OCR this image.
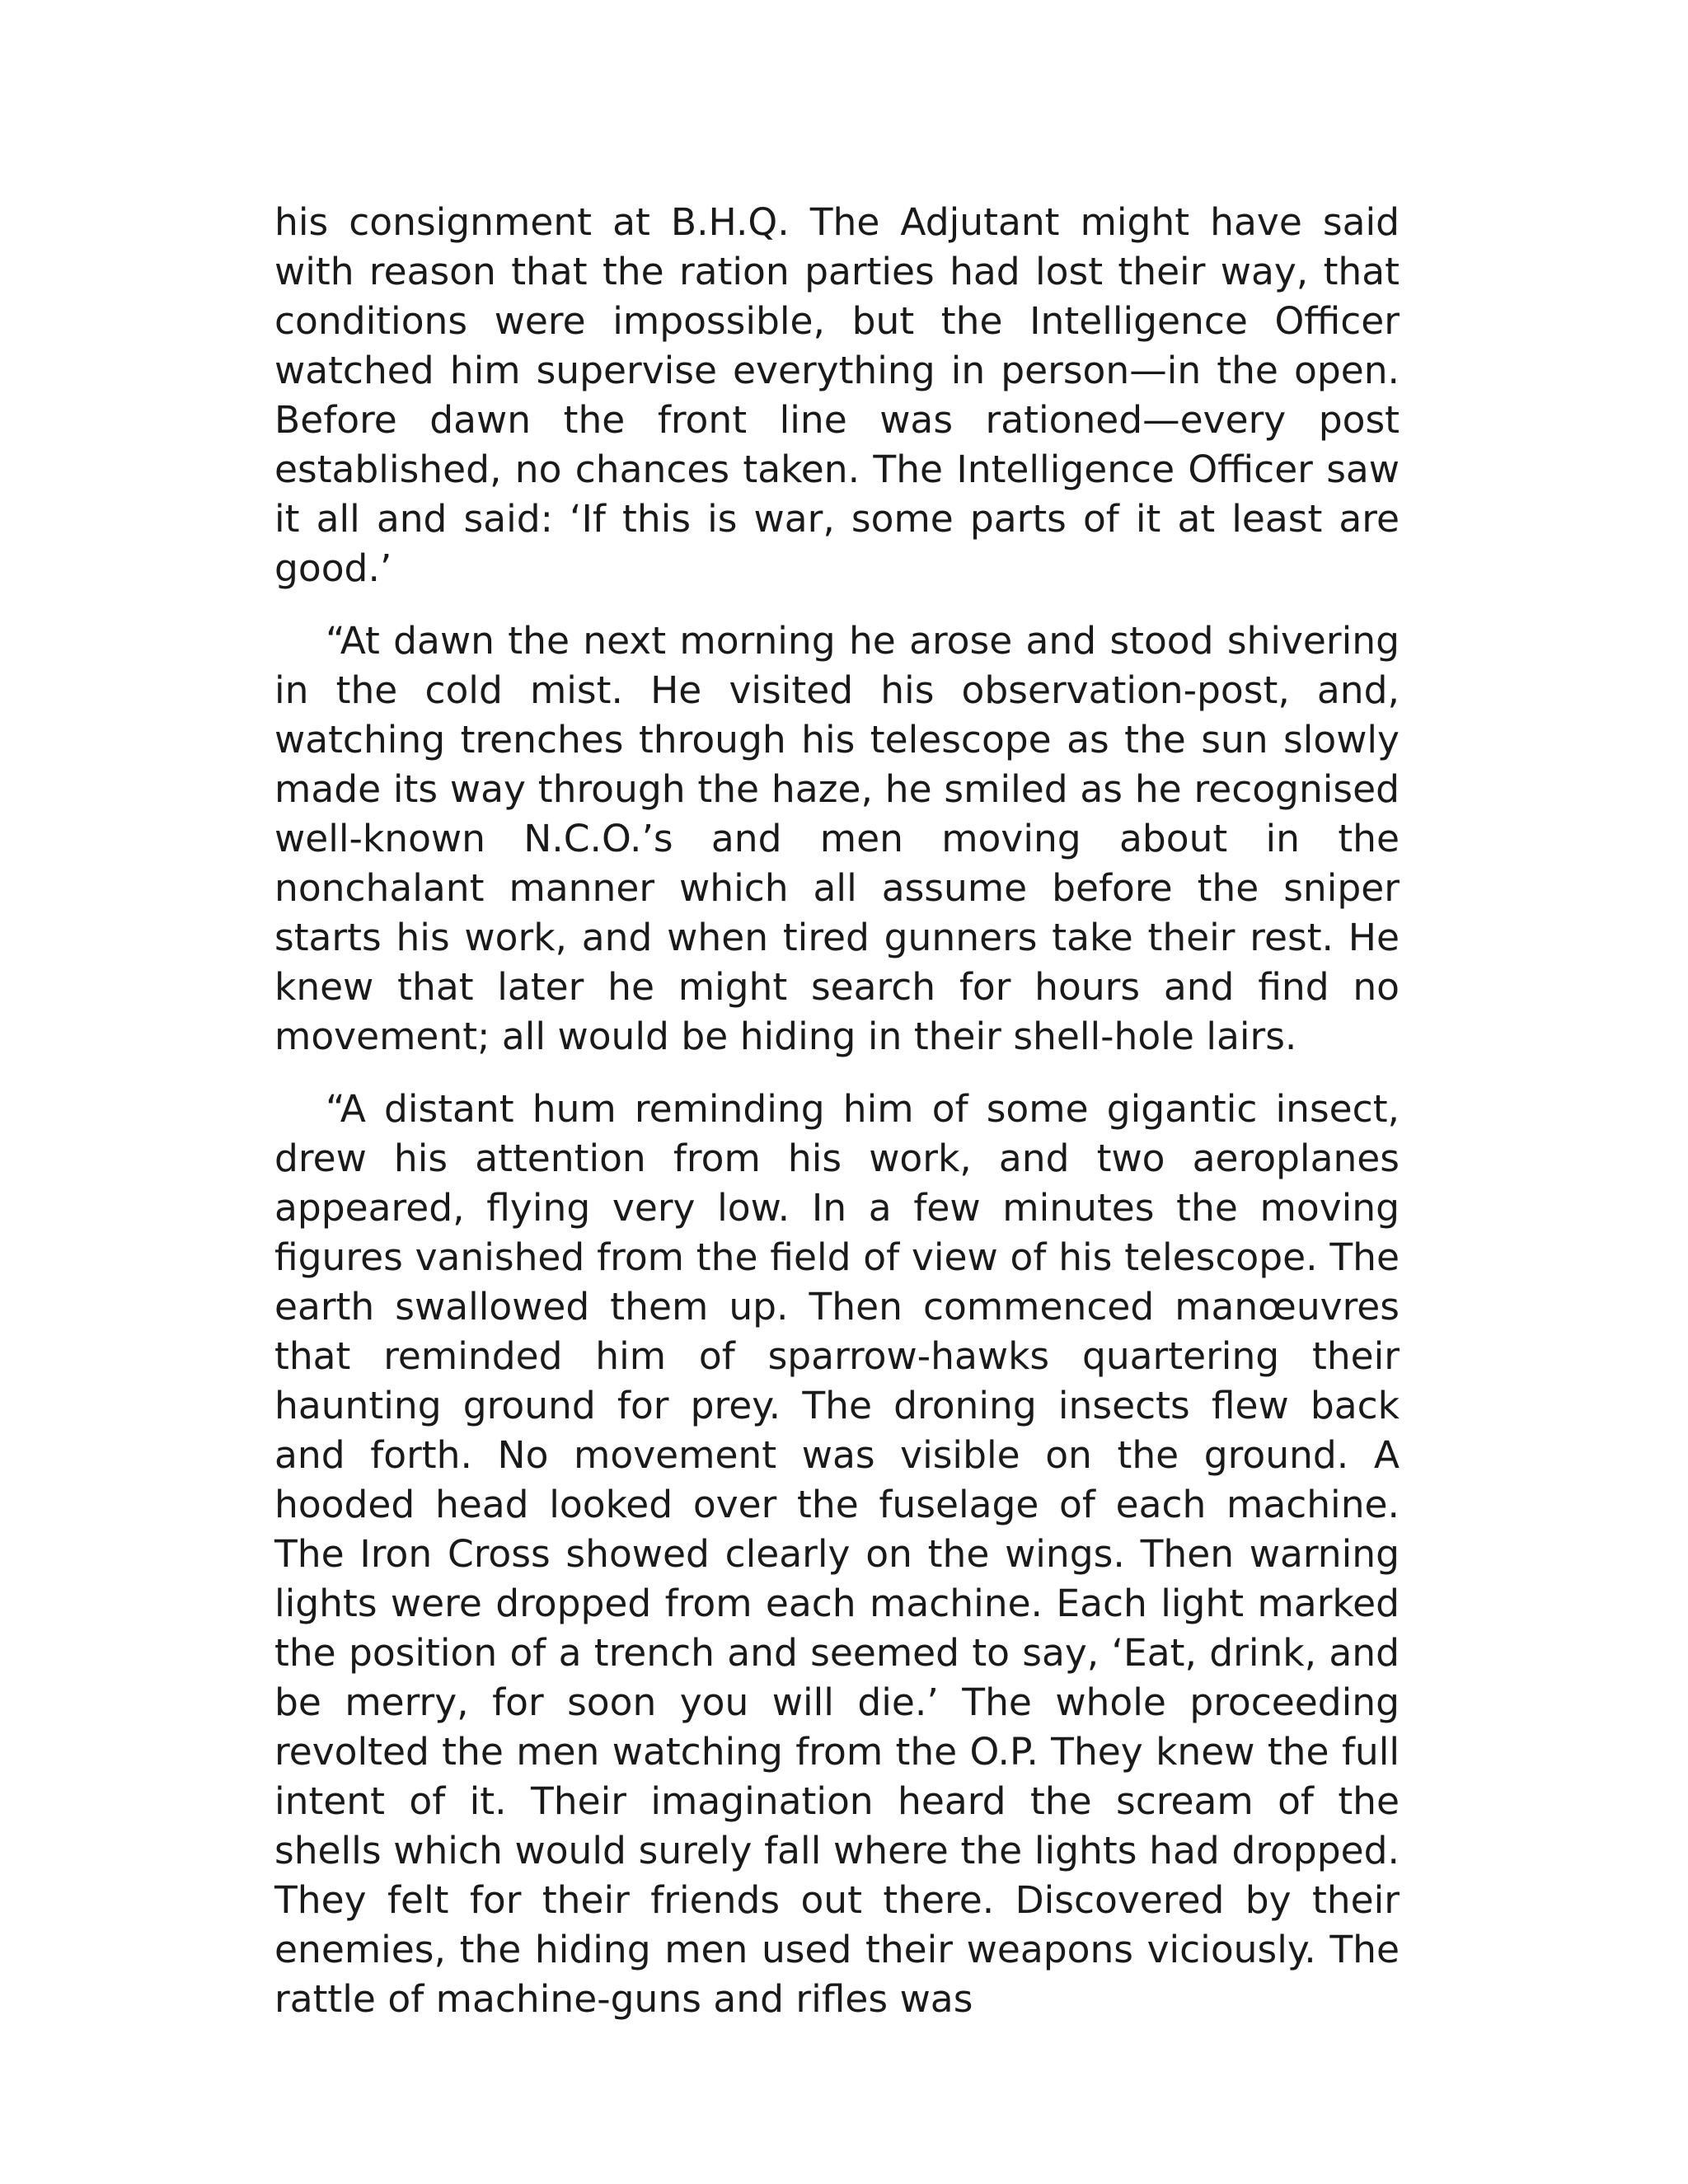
his consignment at B.H.Q. The Adjutant might have said with reason that the ration parties had lost their way, that conditions were impossible, but the Intelligence Officer watched him supervise everything in person—in the open. Before dawn the front line was rationed—every post established, no chances taken. The Intelligence Officer saw it all and said: ‘If this is war, some parts of it at least are good.’

“At dawn the next morning he arose and stood shivering in the cold mist. He visited his observation-post, and, watching trenches through his telescope as the sun slowly made its way through the haze, he smiled as he recognised well-known N.C.O.’s and men moving about in the nonchalant manner which all assume before the sniper starts his work, and when tired gunners take their rest. He knew that later he might search for hours and find no movement; all would be hiding in their shell-hole lairs.

“A distant hum reminding him of some gigantic insect, drew his attention from his work, and two aeroplanes appeared, flying very low. In a few minutes the moving figures vanished from the field of view of his telescope. The earth swallowed them up. Then commenced manœuvres that reminded him of sparrow-hawks quartering their haunting ground for prey. The droning insects flew back and forth. No movement was visible on the ground. A hooded head looked over the fuselage of each machine. The Iron Cross showed clearly on the wings. Then warning lights were dropped from each machine. Each light marked the position of a trench and seemed to say, ‘Eat, drink, and be merry, for soon you will die.’ The whole proceeding revolted the men watching from the O.P. They knew the full intent of it. Their imagination heard the scream of the shells which would surely fall where the lights had dropped. They felt for their friends out there. Discovered by their enemies, the hiding men used their weapons viciously. The rattle of machine-guns and rifles was
